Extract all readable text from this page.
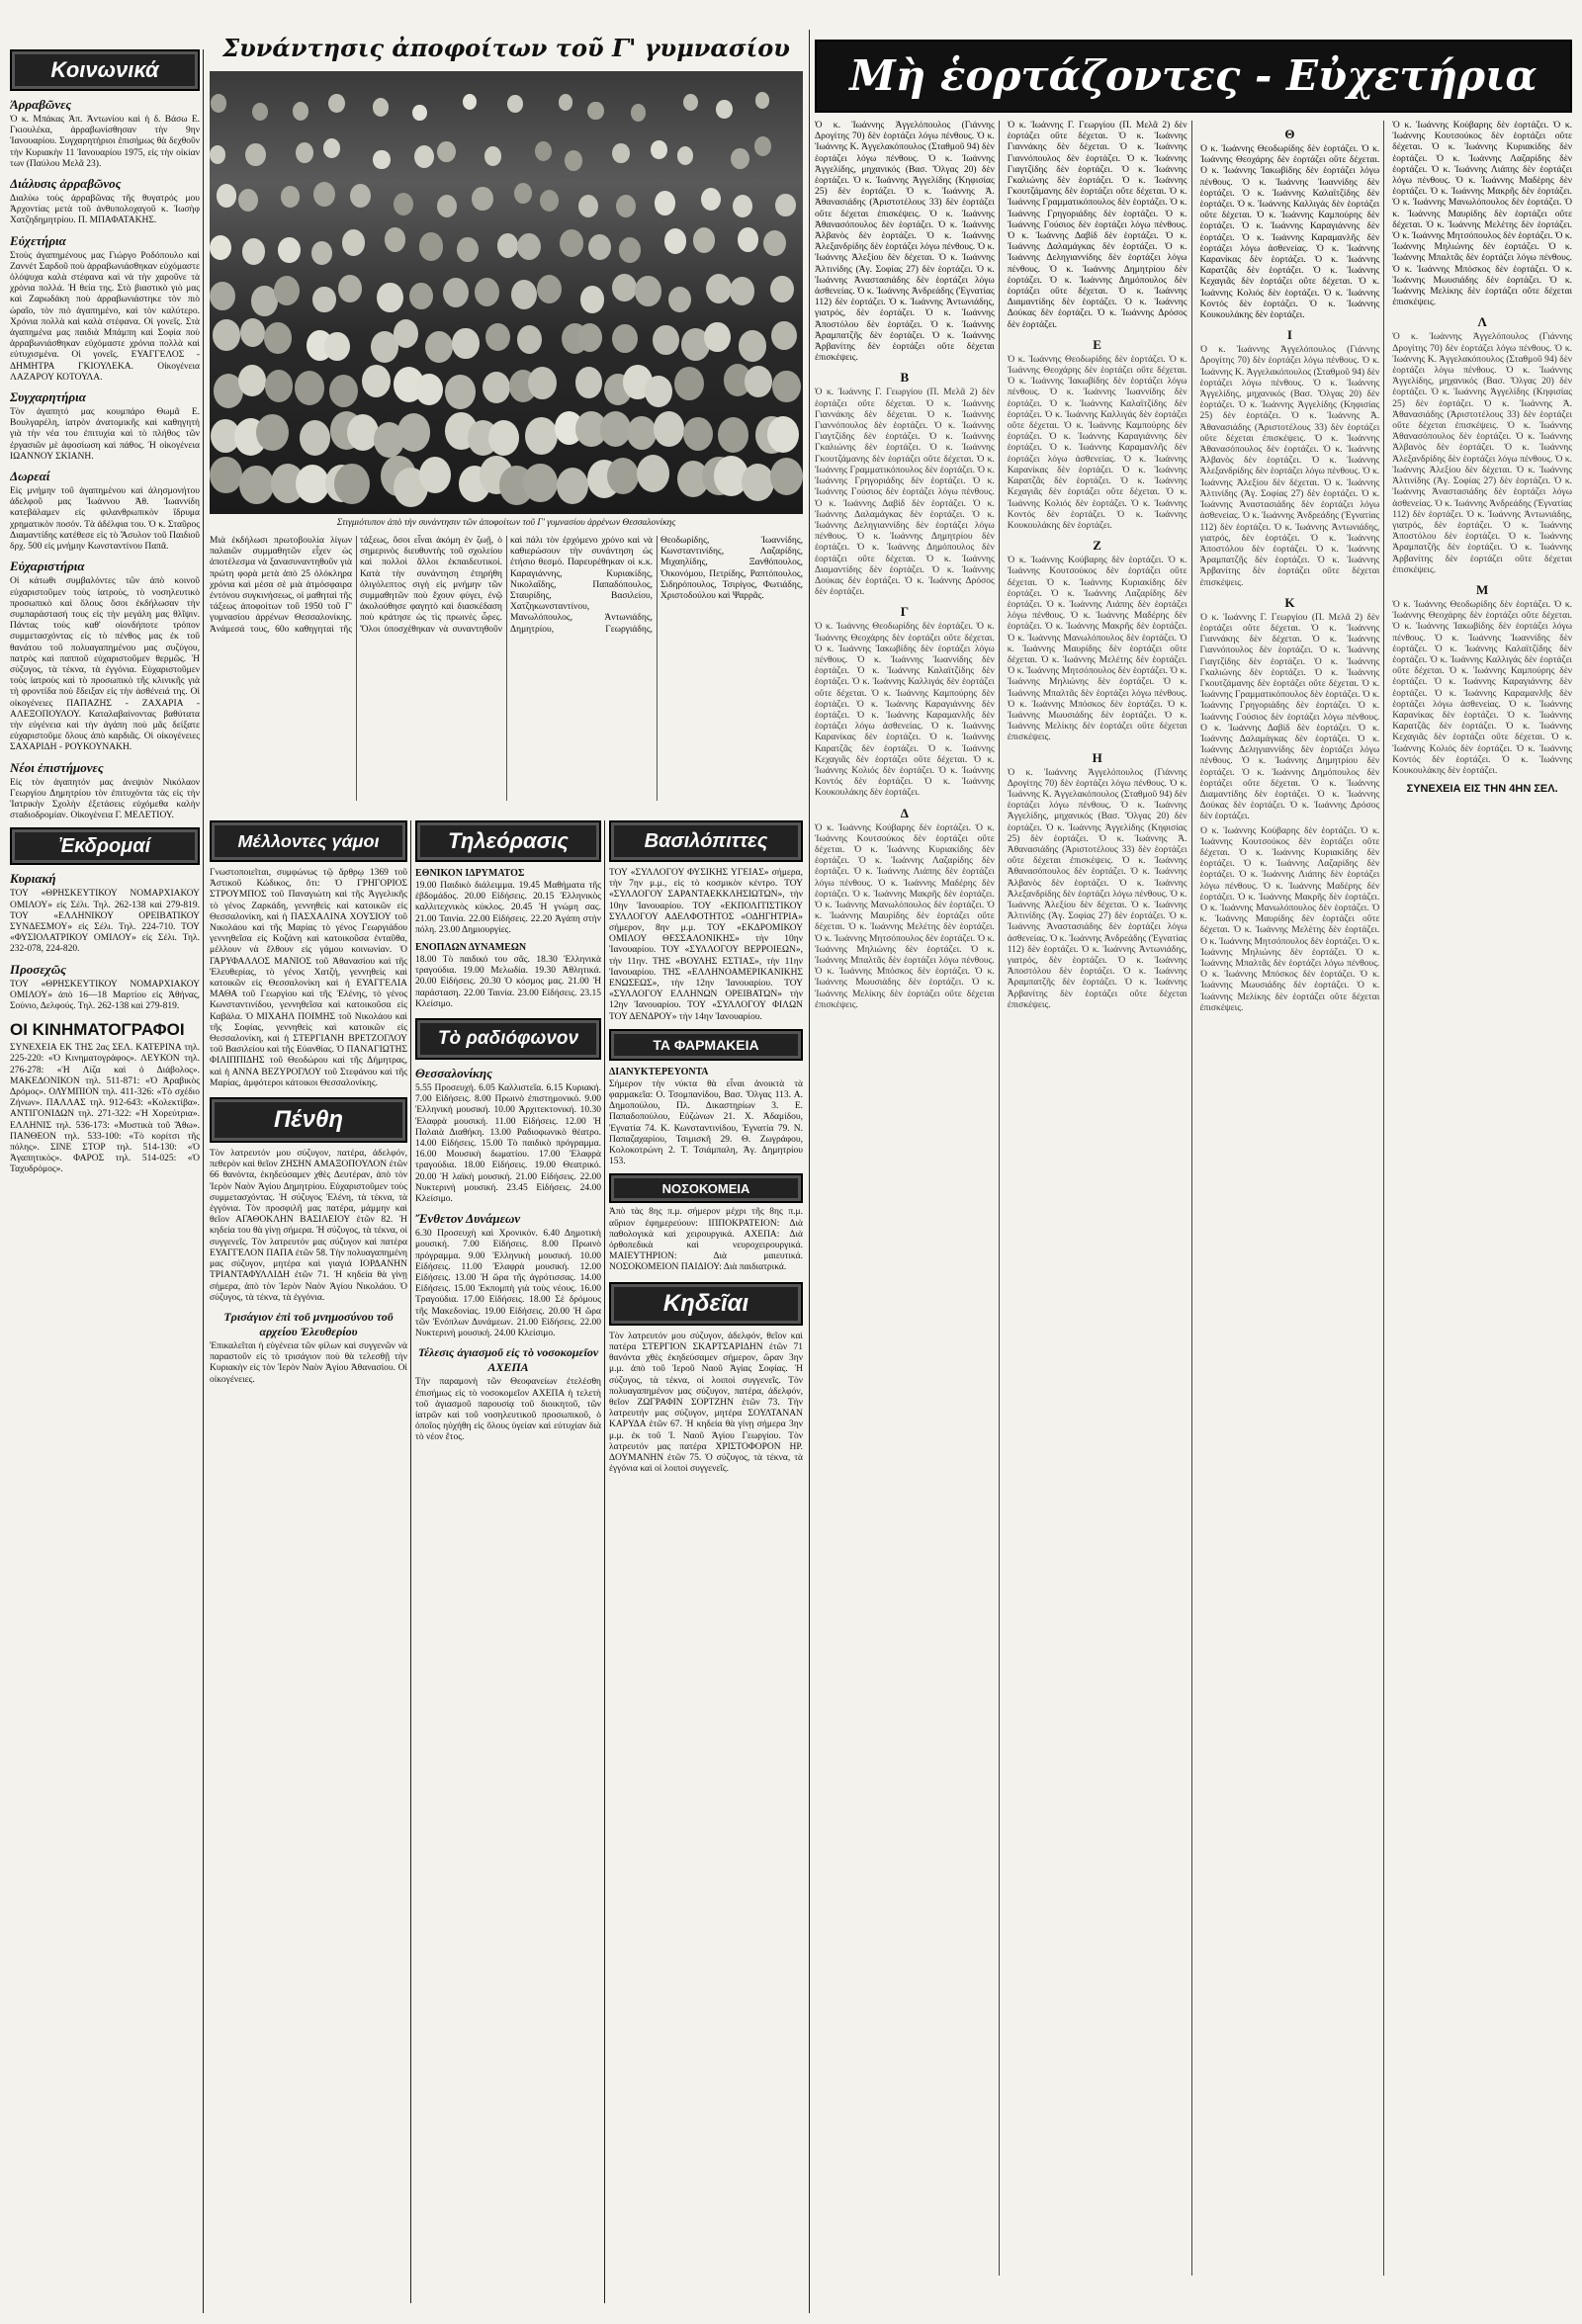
Κοινωνικά
Ἀρραβῶνες

Ὁ κ. Μπάκας Ἀπ. Ἀντωνίου καὶ ἡ δ. Βάσω Ε. Γκιουλέκα, ἀρραβωνίσθησαν τὴν 9ην Ἰανουαρίου. Συγχαρητήριοι ἐπισήμως θὰ δεχθοῦν τὴν Κυριακὴν 11 Ἰανουαρίου 1975, εἰς τὴν οἰκίαν των (Παύλου Μελᾶ 23).

Διάλυσις ἀρραβῶνος

Διαλύω τοὺς ἀρραβῶνας τῆς θυγατρός μου Ἀρχοντίας μετὰ τοῦ ἀνθυπολοχαγοῦ κ. Ἰωσὴφ Χατζηδημητρίου. Π. ΜΠΑΦΑΤΑΚΗΣ.

Εὐχετήρια

Στοὺς ἀγαπημένους μας Γιώργο Ροδόπουλο καὶ Ζαννέτ Σαρδοῦ ποὺ ἀρραβωνιάσθηκαν εὐχόμαστε ὁλόψυχα καλὰ στέφανα καὶ νὰ τὴν χαροῦνε τὰ χρόνια πολλά. Ἡ θεία της. Στὸ βιαστικὸ γιὸ μας καὶ Ζαρωδάκη ποὺ ἀρραβωνιάστηκε τὸν πιὸ ὡραῖο, τὸν πιὸ ἀγαπημένο, καὶ τὸν καλύτερο. Χρόνια πολλὰ καὶ καλὰ στέφανα. Οἱ γονεῖς. Στὰ ἀγαπημένα μας παιδιὰ Μπάμπη καὶ Σοφία ποὺ ἀρραβωνιάσθηκαν εὐχόμαστε χρόνια πολλὰ καὶ εὐτυχισμένα. Οἱ γονεῖς. ΕΥΑΓΓΕΛΟΣ - ΔΗΜΗΤΡΑ ΓΚΙΟΥΛΕΚΑ. Οἰκογένεια ΛΑΖΑΡΟΥ ΚΟΤΟΥΛΑ.

Συγχαρητήρια

Τὸν ἀγαπητό μας κουμπάρο Θωμᾶ Ε. Βουλγαρέλη, ἰατρὸν ἀνατομικῆς καὶ καθηγητὴ γιὰ τὴν νέα του ἐπιτυχία καὶ τὸ πλήθος τῶν ἐργασιῶν μὲ ἀφοσίωση καὶ πάθος. Ἡ οἰκογένεια ΙΩΑΝΝΟΥ ΣΚΙΑΝΗ.

Δωρεαί

Εἰς μνήμην τοῦ ἀγαπημένου καὶ ἀλησμονήτου ἀδελφοῦ μας Ἰωάννου Ἀθ. Ἰωαννίδη κατεβάλαμεν εἰς φιλανθρωπικὸν ἵδρυμα χρηματικὸν ποσόν. Τὰ ἀδέλφια του. Ὁ κ. Σταῦρος Διαμαντίδης κατέθεσε εἰς τὸ Ἄσυλον τοῦ Παιδιοῦ δρχ. 500 εἰς μνήμην Κωνσταντίνου Παπᾶ.

Εὐχαριστήρια

Οἱ κάτωθι συμβαλόντες τῶν ἀπὸ κοινοῦ εὐχαριστοῦμεν τοὺς ἰατροὺς, τὸ νοσηλευτικὸ προσωπικὸ καὶ ὅλους ὅσοι ἐκδήλωσαν τὴν συμπαράστασή τους εἰς τὴν μεγάλη μας θλῖψιν. Πάντας τοὺς καθ' οἱονδήποτε τρόπον συμμετασχόντας εἰς τὸ πένθος μας ἐκ τοῦ θανάτου τοῦ πολυαγαπημένου μας συζύγου, πατρὸς καὶ παπποῦ εὐχαριστοῦμεν θερμῶς. Ἡ σύζυγος, τὰ τέκνα, τὰ ἐγγόνια. Εὐχαριστοῦμεν τοὺς ἰατροὺς καὶ τὸ προσωπικὸ τῆς κλινικῆς γιὰ τὴ φροντίδα ποὺ ἔδειξαν εἰς τὴν ἀσθένειά της. Οἱ οἰκογένειες ΠΑΠΑΖΗΣ - ΖΑΧΑΡΙΑ - ΑΛΕΞΟΠΟΥΛΟΥ. Καταλαβαίνοντας βαθύτατα τὴν εὐγένεια καὶ τὴν ἀγάπη ποὺ μᾶς δείξατε εὐχαριστοῦμε ὅλους ἀπὸ καρδιᾶς. Οἱ οἰκογένειες ΣΑΧΑΡΙΔΗ - ΡΟΥΚΟΥΝΑΚΗ.

Νέοι ἐπιστήμονες

Εἰς τὸν ἀγαπητόν μας ἀνεψιὸν Νικόλαον Γεωργίου Δημητρίου τὸν ἐπιτυχόντα τὰς εἰς τὴν Ἰατρικὴν Σχολὴν ἐξετάσεις εὐχόμεθα καλὴν σταδιοδρομίαν. Οἰκογένεια Γ. ΜΕΛΕΤΙΟΥ.

Ἐκδρομαί
Κυριακή

ΤΟΥ «ΘΡΗΣΚΕΥΤΙΚΟΥ ΝΟΜΑΡΧΙΑΚΟΥ ΟΜΙΛΟΥ» εἰς Σέλι. Τηλ. 262-138 καὶ 279-819. ΤΟΥ «ΕΛΛΗΝΙΚΟΥ ΟΡΕΙΒΑΤΙΚΟΥ ΣΥΝΔΕΣΜΟΥ» εἰς Σέλι. Τηλ. 224-710. ΤΟΥ «ΦΥΣΙΟΛΑΤΡΙΚΟΥ ΟΜΙΛΟΥ» εἰς Σέλι. Τηλ. 232-078, 224-820.

Προσεχῶς

ΤΟΥ «ΘΡΗΣΚΕΥΤΙΚΟΥ ΝΟΜΑΡΧΙΑΚΟΥ ΟΜΙΛΟΥ» ἀπὸ 16—18 Μαρτίου εἰς Ἀθήνας, Σούνιο, Δελφούς. Τηλ. 262-138 καὶ 279-819.

ΟΙ ΚΙΝΗΜΑΤΟΓΡΑΦΟΙ

ΣΥΝΕΧΕΙΑ ΕΚ ΤΗΣ 2ας ΣΕΛ. ΚΑΤΕΡΙΝΑ τηλ. 225-220: «Ὁ Κινηματογράφος». ΛΕΥΚΟΝ τηλ. 276-278: «Ἡ Λίζα καὶ ὁ Διάβολος». ΜΑΚΕΔΟΝΙΚΟΝ τηλ. 511-871: «Ὁ Ἀραβικὸς Δρόμος». ΟΛΥΜΠΙΟΝ τηλ. 411-326: «Τὸ σχέδιο Ζήνων». ΠΑΛΛΑΣ τηλ. 912-643: «Κολεκτίβα». ΑΝΤΙΓΟΝΙΔΩΝ τηλ. 271-322: «Ἡ Χορεύτρια». ΕΛΛΗΝΙΣ τηλ. 536-173: «Μυστικὰ τοῦ Ἄθω». ΠΑΝΘΕΟΝ τηλ. 533-100: «Τὸ κορίτσι τῆς πόλης». ΣΙΝΕ ΣΤΟΡ τηλ. 514-130: «Ὁ Ἀγαπητικὸς». ΦΑΡΟΣ τηλ. 514-025: «Ὁ Ταχυδρόμος».

Συνάντησις ἀποφοίτων τοῦ Γ' γυμνασίου
Στιγμιότυπον ἀπὸ τὴν συνάντησιν τῶν ἀποφοίτων τοῦ Γ' γυμνασίου ἀρρένων Θεσσαλονίκης

Μιὰ ἐκδήλωσι πρωτοβουλία λίγων παλαιῶν συμμαθητῶν εἶχεν ὡς ἀποτέλεσμα νὰ ξανασυναντηθοῦν γιὰ πρώτη φορὰ μετὰ ἀπὸ 25 ὁλόκληρα χρόνια καὶ μέσα σὲ μιὰ ἀτμόσφαιρα ἐντόνου συγκινήσεως, οἱ μαθηταὶ τῆς τάξεως ἀποφοίτων τοῦ 1950 τοῦ Γ' γυμνασίου ἀρρένων Θεσσαλονίκης. Ἀνάμεσά τους, 60ο καθηγηταὶ τῆς τάξεως, ὅσοι εἶναι ἀκόμη ἐν ζωῇ, ὁ σημερινὸς διευθυντὴς τοῦ σχολείου καὶ πολλοὶ ἄλλοι ἐκπαιδευτικοί. Κατὰ τὴν συνάντηση ἐτηρήθη ὀλιγόλεπτος σιγὴ εἰς μνήμην τῶν συμμαθητῶν ποὺ ἔχουν φύγει, ἐνῷ ἀκολούθησε φαγητὸ καὶ διασκέδαση ποὺ κράτησε ὡς τὶς πρωινὲς ὧρες. Ὅλοι ὑποσχέθηκαν νὰ συναντηθοῦν καὶ πάλι τὸν ἐρχόμενο χρόνο καὶ νὰ καθιερώσουν τὴν συνάντηση ὡς ἐτήσιο θεσμό. Παρευρέθηκαν οἱ κ.κ. Καραγιάννης, Κυριακίδης, Νικολαΐδης, Παπαδόπουλος, Σταυρίδης, Βασιλείου, Χατζηκωνσταντίνου, Μανωλόπουλος, Ἀντωνιάδης, Δημητρίου, Γεωργιάδης, Θεοδωρίδης, Ἰωαννίδης, Κωνσταντινίδης, Λαζαρίδης, Μιχαηλίδης, Ξανθόπουλος, Ὀικονόμου, Πετρίδης, Ραπτόπουλος, Σιδηρόπουλος, Τσιρίγος, Φωτιάδης, Χριστοδούλου καὶ Ψαρρᾶς.

Μέλλοντες γάμοι

Γνωστοποιεῖται, συμφώνως τῷ ἄρθρῳ 1369 τοῦ Ἀστικοῦ Κώδικος, ὅτι: Ὁ ΓΡΗΓΟΡΙΟΣ ΣΤΡΟΥΜΠΟΣ τοῦ Παναγιώτη καὶ τῆς Ἀγγελικῆς τὸ γένος Ζαρκάδη, γεννηθεὶς καὶ κατοικῶν εἰς Θεσσαλονίκη, καὶ ἡ ΠΑΣΧΑΛΙΝΑ ΧΟΥΣΙΟΥ τοῦ Νικολάου καὶ τῆς Μαρίας τὸ γένος Γεωργιάδου γεννηθεῖσα εἰς Κοζάνη καὶ κατοικοῦσα ἐνταῦθα, μέλλουν νὰ ἔλθουν εἰς γάμου κοινωνίαν. Ὁ ΓΑΡΥΦΑΛΛΟΣ ΜΑΝΙΟΣ τοῦ Ἀθανασίου καὶ τῆς Ἐλευθερίας, τὸ γένος Χατζή, γεννηθεὶς καὶ κατοικῶν εἰς Θεσσαλονίκη καὶ ἡ ΕΥΑΓΓΕΛΙΑ ΜΑΘΑ τοῦ Γεωργίου καὶ τῆς Ἑλένης, τὸ γένος Κωνσταντινίδου, γεννηθεῖσα καὶ κατοικοῦσα εἰς Καβάλα. Ὁ ΜΙΧΑΗΛ ΠΟΙΜΗΣ τοῦ Νικολάου καὶ τῆς Σοφίας, γεννηθεὶς καὶ κατοικῶν εἰς Θεσσαλονίκη, καὶ ἡ ΣΤΕΡΓΙΑΝΗ ΒΡΕΤΖΟΓΛΟΥ τοῦ Βασιλείου καὶ τῆς Εὐανθίας. Ὁ ΠΑΝΑΓΙΩΤΗΣ ΦΙΛΙΠΠΙΔΗΣ τοῦ Θεοδώρου καὶ τῆς Δήμητρας, καὶ ἡ ΑΝΝΑ ΒΕΖΥΡΟΓΛΟΥ τοῦ Στεφάνου καὶ τῆς Μαρίας, ἀμφότεροι κάτοικοι Θεσσαλονίκης.

Πένθη

Τὸν λατρευτόν μου σύζυγον, πατέρα, ἀδελφόν, πεθερὸν καὶ θεῖον ΖΗΣΗΝ ΑΜΑΞΟΠΟΥΛΟΝ ἐτῶν 66 θανόντα, ἐκηδεύσαμεν χθὲς Δευτέραν, ἀπὸ τὸν Ἱερὸν Ναὸν Ἁγίου Δημητρίου. Εὐχαριστοῦμεν τοὺς συμμετασχόντας. Ἡ σύζυγος Ἑλένη, τὰ τέκνα, τὰ ἐγγόνια. Τὸν προσφιλῆ μας πατέρα, μάμμην καὶ θεῖον ΑΓΑΘΟΚΛΗΝ ΒΑΣΙΛΕΙΟΥ ἐτῶν 82. Ἡ κηδεία του θὰ γίνῃ σήμερα. Ἡ σύζυγος, τὰ τέκνα, οἱ συγγενεῖς. Τὸν λατρευτόν μας σύζυγον καὶ πατέρα ΕΥΑΓΓΕΛΟΝ ΠΑΠΑ ἐτῶν 58. Τὴν πολυαγαπημένη μας σύζυγον, μητέρα καὶ γιαγιά ΙΟΡΔΑΝΗΝ ΤΡΙΑΝΤΑΦΥΛΛΙΔΗ ἐτῶν 71. Ἡ κηδεία θὰ γίνῃ σήμερα, ἀπὸ τὸν Ἱερὸν Ναὸν Ἁγίου Νικολάου. Ὁ σύζυγος, τὰ τέκνα, τὰ ἐγγόνια.

Τρισάγιον ἐπὶ τοῦ μνημοσύνου τοῦ αρχείου Ἐλευθερίου

Ἐπικαλεῖται ἡ εὐγένεια τῶν φίλων καὶ συγγενῶν νὰ παραστοῦν εἰς τὸ τρισάγιον ποὺ θὰ τελεσθῇ τὴν Κυριακὴν εἰς τὸν Ἱερὸν Ναὸν Ἁγίου Ἀθανασίου. Οἱ οἰκογένειες.

Τηλεόρασις
ΕΘΝΙΚΟΝ ΙΔΡΥΜΑΤΟΣ

19.00 Παιδικὸ διάλειμμα. 19.45 Μαθήματα τῆς ἑβδομάδος. 20.00 Εἰδήσεις. 20.15 Ἑλληνικὸς καλλιτεχνικὸς κύκλος. 20.45 Ἡ γνώμη σας. 21.00 Ταινία. 22.00 Εἰδήσεις. 22.20 Ἀγάπη στὴν πόλη. 23.00 Δημιουργίες.

ΕΝΟΠΛΩΝ ΔΥΝΑΜΕΩΝ

18.00 Τὸ παιδικό του σᾶς. 18.30 Ἑλληνικὰ τραγούδια. 19.00 Μελωδία. 19.30 Ἀθλητικά. 20.00 Εἰδήσεις. 20.30 Ὁ κόσμος μας. 21.00 Ἡ παράσταση. 22.00 Ταινία. 23.00 Εἰδήσεις. 23.15 Κλείσιμο.

Τὸ ραδιόφωνον
Θεσσαλονίκης

5.55 Προσευχή. 6.05 Καλλιστεῖα. 6.15 Κυριακή. 7.00 Εἰδήσεις. 8.00 Πρωινὸ ἐπιστημονικό. 9.00 Ἑλληνικὴ μουσική. 10.00 Ἀρχιτεκτονική. 10.30 Ἐλαφρὰ μουσική. 11.00 Εἰδήσεις. 12.00 Ἡ Παλαιὰ Διαθήκη. 13.00 Ραδιοφωνικὸ θέατρο. 14.00 Εἰδήσεις. 15.00 Τὸ παιδικὸ πρόγραμμα. 16.00 Μουσικὴ δωματίου. 17.00 Ἐλαφρὰ τραγούδια. 18.00 Εἰδήσεις. 19.00 Θεατρικό. 20.00 Ἡ λαϊκὴ μουσική. 21.00 Εἰδήσεις. 22.00 Νυκτερινὴ μουσική. 23.45 Εἰδήσεις. 24.00 Κλείσιμο.

Ἔνθετον Δυνάμεων

6.30 Προσευχὴ καὶ Χρονικόν. 6.40 Δημοτικὴ μουσική. 7.00 Εἰδήσεις. 8.00 Πρωινὸ πρόγραμμα. 9.00 Ἑλληνικὴ μουσική. 10.00 Εἰδήσεις. 11.00 Ἐλαφρὰ μουσική. 12.00 Εἰδήσεις. 13.00 Ἡ ὥρα τῆς ἀγρότισσας. 14.00 Εἰδήσεις. 15.00 Ἐκπομπὴ γιὰ τοὺς νέους. 16.00 Τραγούδια. 17.00 Εἰδήσεις. 18.00 Σὲ δρόμους τῆς Μακεδονίας. 19.00 Εἰδήσεις. 20.00 Ἡ ὥρα τῶν Ἐνόπλων Δυνάμεων. 21.00 Εἰδήσεις. 22.00 Νυκτερινὴ μουσική. 24.00 Κλείσιμο.

Τέλεσις ἀγιασμοῦ εἰς τὸ νοσοκομεῖον ΑΧΕΠΑ

Τὴν παραμονὴ τῶν Θεοφανείων ἐτελέσθη ἐπισήμως εἰς τὸ νοσοκομεῖον ΑΧΕΠΑ ἡ τελετὴ τοῦ ἁγιασμοῦ παρουσίᾳ τοῦ διοικητοῦ, τῶν ἰατρῶν καὶ τοῦ νοσηλευτικοῦ προσωπικοῦ, ὁ ὁποῖος ηὐχήθη εἰς ὅλους ὑγείαν καὶ εὐτυχίαν διὰ τὸ νέον ἔτος.

Βασιλόπιττες

ΤΟΥ «ΣΥΛΛΟΓΟΥ ΦΥΣΙΚΗΣ ΥΓΕΙΑΣ» σήμερα, τὴν 7ην μ.μ., εἰς τὸ κοσμικὸν κέντρο. ΤΟΥ «ΣΥΛΛΟΓΟΥ ΣΑΡΑΝΤΑΕΚΚΛΗΣΙΩΤΩΝ», τὴν 10ην Ἰανουαρίου. ΤΟΥ «ΕΚΠΟΛΙΤΙΣΤΙΚΟΥ ΣΥΛΛΟΓΟΥ ΑΔΕΛΦΟΤΗΤΟΣ «ΟΔΗΓΗΤΡΙΑ» σήμερον, 8ην μ.μ. ΤΟΥ «ΕΚΔΡΟΜΙΚΟΥ ΟΜΙΛΟΥ ΘΕΣΣΑΛΟΝΙΚΗΣ» τὴν 10ην Ἰανουαρίου. ΤΟΥ «ΣΥΛΛΟΓΟΥ ΒΕΡΡΟΙΕΩΝ», τὴν 11ην. ΤΗΣ «ΒΟΥΛΗΣ ΕΣΤΙΑΣ», τὴν 11ην Ἰανουαρίου. ΤΗΣ «ΕΛΛΗΝΟΑΜΕΡΙΚΑΝΙΚΗΣ ΕΝΩΣΕΩΣ», τὴν 12ην Ἰανουαρίου. ΤΟΥ «ΣΥΛΛΟΓΟΥ ΕΛΛΗΝΩΝ ΟΡΕΙΒΑΤΩΝ» τὴν 12ην Ἰανουαρίου. ΤΟΥ «ΣΥΛΛΟΓΟΥ ΦΙΛΩΝ ΤΟΥ ΔΕΝΔΡΟΥ» τὴν 14ην Ἰανουαρίου.

ΤΑ ΦΑΡΜΑΚΕΙΑ
ΔΙΑΝΥΚΤΕΡΕΥΟΝΤΑ

Σήμερον τὴν νύκτα θὰ εἶναι ἀνοικτὰ τὰ φαρμακεῖα: Ο. Τσομπανίδου, Βασ. Ὄλγας 113. Α. Δημοπούλου, Πλ. Δικαστηρίων 3. Ε. Παπαδοπούλου, Εὐζώνων 21. Χ. Ἀδαμίδου, Ἐγνατία 74. Κ. Κωνσταντινίδου, Ἐγνατία 79. Ν. Παπαζαχαρίου, Τσιμισκῆ 29. Θ. Ζωγράφου, Κολοκοτρώνη 2. Τ. Τσιάμπαλη, Ἁγ. Δημητρίου 153.

ΝΟΣΟΚΟΜΕΙΑ

Ἀπὸ τὰς 8ης π.μ. σήμερον μέχρι τῆς 8ης π.μ. αὔριον ἐφημερεύουν: ΙΠΠΟΚΡΑΤΕΙΟΝ: Διὰ παθολογικὰ καὶ χειρουργικά. ΑΧΕΠΑ: Διὰ ὀρθοπεδικὰ καὶ νευροχειρουργικά. ΜΑΙΕΥΤΗΡΙΟΝ: Διὰ μαιευτικά. ΝΟΣΟΚΟΜΕΙΟΝ ΠΑΙΔΙΟΥ: Διὰ παιδιατρικά.

Κηδεῖαι

Τὸν λατρευτόν μου σύζυγον, ἀδελφόν, θεῖον καὶ πατέρα ΣΤΕΡΓΙΟΝ ΣΚΑΡΤΣΑΡΙΔΗΝ ἐτῶν 71 θανόντα χθὲς ἐκηδεύσαμεν σήμερον, ὥραν 3ην μ.μ. ἀπὸ τοῦ Ἱεροῦ Ναοῦ Ἁγίας Σοφίας. Ἡ σύζυγος, τὰ τέκνα, οἱ λοιποὶ συγγενεῖς. Τὸν πολυαγαπημένον μας σύζυγον, πατέρα, ἀδελφόν, θεῖον ΖΩΓΡΑΦΙΝ ΣΟΡΤΖΗΝ ἐτῶν 73. Τὴν λατρευτήν μας σύζυγον, μητέρα ΣΟΥΛΤΑΝΑΝ ΚΑΡΥΔΑ ἐτῶν 67. Ἡ κηδεία θὰ γίνῃ σήμερα 3ην μ.μ. ἐκ τοῦ Ἱ. Ναοῦ Ἁγίου Γεωργίου. Τὸν λατρευτόν μας πατέρα ΧΡΙΣΤΟΦΟΡΟΝ ΗΡ. ΔΟΥΜΑΝΗΝ ἐτῶν 75. Ὁ σύζυγος, τὰ τέκνα, τὰ ἐγγόνια καὶ οἱ λοιποὶ συγγενεῖς.

Μὴ ἑορτάζοντες - Εὐχετήρια

Ὁ κ. Ἰωάννης Ἀγγελόπουλος (Γιάννης Δρογίτης 70) δὲν ἑορτάζει λόγω πένθους. Ὁ κ. Ἰωάννης Κ. Ἀγγελακόπουλος (Σταθμοῦ 94) δὲν ἑορτάζει λόγω πένθους. Ὁ κ. Ἰωάννης Ἀγγελίδης, μηχανικός (Βασ. Ὄλγας 20) δὲν ἑορτάζει. Ὁ κ. Ἰωάννης Ἀγγελίδης (Κηφισίας 25) δὲν ἑορτάζει. Ὁ κ. Ἰωάννης Ἀ. Ἀθανασιάδης (Ἀριστοτέλους 33) δὲν ἑορτάζει οὔτε δέχεται ἐπισκέψεις. Ὁ κ. Ἰωάννης Ἀθανασόπουλος δὲν ἑορτάζει. Ὁ κ. Ἰωάννης Ἀλβανὸς δὲν ἑορτάζει. Ὁ κ. Ἰωάννης Ἀλεξανδρίδης δὲν ἑορτάζει λόγω πένθους. Ὁ κ. Ἰωάννης Ἀλεξίου δὲν δέχεται. Ὁ κ. Ἰωάννης Ἀλτινίδης (Ἁγ. Σοφίας 27) δὲν ἑορτάζει. Ὁ κ. Ἰωάννης Ἀναστασιάδης δὲν ἑορτάζει λόγω ἀσθενείας. Ὁ κ. Ἰωάννης Ἀνδρεάδης (Ἐγνατίας 112) δὲν ἑορτάζει. Ὁ κ. Ἰωάννης Ἀντωνιάδης, γιατρός, δὲν ἑορτάζει. Ὁ κ. Ἰωάννης Ἀποστόλου δὲν ἑορτάζει. Ὁ κ. Ἰωάννης Ἀραμπατζῆς δὲν ἑορτάζει. Ὁ κ. Ἰωάννης Ἀρβανίτης δὲν ἑορτάζει οὔτε δέχεται ἐπισκέψεις.

Β

Ὁ κ. Ἰωάννης Γ. Γεωργίου (Π. Μελᾶ 2) δὲν ἑορτάζει οὔτε δέχεται. Ὁ κ. Ἰωάννης Γιαννάκης δὲν δέχεται. Ὁ κ. Ἰωάννης Γιαννόπουλος δὲν ἑορτάζει. Ὁ κ. Ἰωάννης Γιαγτζίδης δὲν ἑορτάζει. Ὁ κ. Ἰωάννης Γκαλιώνης δὲν ἑορτάζει. Ὁ κ. Ἰωάννης Γκουτζάμανης δὲν ἑορτάζει οὔτε δέχεται. Ὁ κ. Ἰωάννης Γραμματικόπουλος δὲν ἑορτάζει. Ὁ κ. Ἰωάννης Γρηγοριάδης δὲν ἑορτάζει. Ὁ κ. Ἰωάννης Γούσιος δὲν ἑορτάζει λόγω πένθους. Ὁ κ. Ἰωάννης Δαβίδ δὲν ἑορτάζει. Ὁ κ. Ἰωάννης Δαλαμάγκας δὲν ἑορτάζει. Ὁ κ. Ἰωάννης Δεληγιαννίδης δὲν ἑορτάζει λόγω πένθους. Ὁ κ. Ἰωάννης Δημητρίου δὲν ἑορτάζει. Ὁ κ. Ἰωάννης Δημόπουλος δὲν ἑορτάζει οὔτε δέχεται. Ὁ κ. Ἰωάννης Διαμαντίδης δὲν ἑορτάζει. Ὁ κ. Ἰωάννης Δούκας δὲν ἑορτάζει. Ὁ κ. Ἰωάννης Δρόσος δὲν ἑορτάζει.

Γ

Ὁ κ. Ἰωάννης Θεοδωρίδης δὲν ἑορτάζει. Ὁ κ. Ἰωάννης Θεοχάρης δὲν ἑορτάζει οὔτε δέχεται. Ὁ κ. Ἰωάννης Ἰακωβίδης δὲν ἑορτάζει λόγω πένθους. Ὁ κ. Ἰωάννης Ἰωαννίδης δὲν ἑορτάζει. Ὁ κ. Ἰωάννης Καλαϊτζίδης δὲν ἑορτάζει. Ὁ κ. Ἰωάννης Καλλιγάς δὲν ἑορτάζει οὔτε δέχεται. Ὁ κ. Ἰωάννης Καμπούρης δὲν ἑορτάζει. Ὁ κ. Ἰωάννης Καραγιάννης δὲν ἑορτάζει. Ὁ κ. Ἰωάννης Καραμανλῆς δὲν ἑορτάζει λόγω ἀσθενείας. Ὁ κ. Ἰωάννης Καρανίκας δὲν ἑορτάζει. Ὁ κ. Ἰωάννης Καρατζᾶς δὲν ἑορτάζει. Ὁ κ. Ἰωάννης Κεχαγιᾶς δὲν ἑορτάζει οὔτε δέχεται. Ὁ κ. Ἰωάννης Κολιός δὲν ἑορτάζει. Ὁ κ. Ἰωάννης Κοντός δὲν ἑορτάζει. Ὁ κ. Ἰωάννης Κουκουλάκης δὲν ἑορτάζει.

Δ

Ὁ κ. Ἰωάννης Κούβαρης δὲν ἑορτάζει. Ὁ κ. Ἰωάννης Κουτσούκος δὲν ἑορτάζει οὔτε δέχεται. Ὁ κ. Ἰωάννης Κυριακίδης δὲν ἑορτάζει. Ὁ κ. Ἰωάννης Λαζαρίδης δὲν ἑορτάζει. Ὁ κ. Ἰωάννης Λιάπης δὲν ἑορτάζει λόγω πένθους. Ὁ κ. Ἰωάννης Μαδέρης δὲν ἑορτάζει. Ὁ κ. Ἰωάννης Μακρῆς δὲν ἑορτάζει. Ὁ κ. Ἰωάννης Μανωλόπουλος δὲν ἑορτάζει. Ὁ κ. Ἰωάννης Μαυρίδης δὲν ἑορτάζει οὔτε δέχεται. Ὁ κ. Ἰωάννης Μελέτης δὲν ἑορτάζει. Ὁ κ. Ἰωάννης Μητσόπουλος δὲν ἑορτάζει. Ὁ κ. Ἰωάννης Μηλιώνης δὲν ἑορτάζει. Ὁ κ. Ἰωάννης Μπαλτᾶς δὲν ἑορτάζει λόγω πένθους. Ὁ κ. Ἰωάννης Μπόσκος δὲν ἑορτάζει. Ὁ κ. Ἰωάννης Μωυσιάδης δὲν ἑορτάζει. Ὁ κ. Ἰωάννης Μελίκης δὲν ἑορτάζει οὔτε δέχεται ἐπισκέψεις.

Ὁ κ. Ἰωάννης Γ. Γεωργίου (Π. Μελᾶ 2) δὲν ἑορτάζει οὔτε δέχεται. Ὁ κ. Ἰωάννης Γιαννάκης δὲν δέχεται. Ὁ κ. Ἰωάννης Γιαννόπουλος δὲν ἑορτάζει. Ὁ κ. Ἰωάννης Γιαγτζίδης δὲν ἑορτάζει. Ὁ κ. Ἰωάννης Γκαλιώνης δὲν ἑορτάζει. Ὁ κ. Ἰωάννης Γκουτζάμανης δὲν ἑορτάζει οὔτε δέχεται. Ὁ κ. Ἰωάννης Γραμματικόπουλος δὲν ἑορτάζει. Ὁ κ. Ἰωάννης Γρηγοριάδης δὲν ἑορτάζει. Ὁ κ. Ἰωάννης Γούσιος δὲν ἑορτάζει λόγω πένθους. Ὁ κ. Ἰωάννης Δαβίδ δὲν ἑορτάζει. Ὁ κ. Ἰωάννης Δαλαμάγκας δὲν ἑορτάζει. Ὁ κ. Ἰωάννης Δεληγιαννίδης δὲν ἑορτάζει λόγω πένθους. Ὁ κ. Ἰωάννης Δημητρίου δὲν ἑορτάζει. Ὁ κ. Ἰωάννης Δημόπουλος δὲν ἑορτάζει οὔτε δέχεται. Ὁ κ. Ἰωάννης Διαμαντίδης δὲν ἑορτάζει. Ὁ κ. Ἰωάννης Δούκας δὲν ἑορτάζει. Ὁ κ. Ἰωάννης Δρόσος δὲν ἑορτάζει.

Ε

Ὁ κ. Ἰωάννης Θεοδωρίδης δὲν ἑορτάζει. Ὁ κ. Ἰωάννης Θεοχάρης δὲν ἑορτάζει οὔτε δέχεται. Ὁ κ. Ἰωάννης Ἰακωβίδης δὲν ἑορτάζει λόγω πένθους. Ὁ κ. Ἰωάννης Ἰωαννίδης δὲν ἑορτάζει. Ὁ κ. Ἰωάννης Καλαϊτζίδης δὲν ἑορτάζει. Ὁ κ. Ἰωάννης Καλλιγάς δὲν ἑορτάζει οὔτε δέχεται. Ὁ κ. Ἰωάννης Καμπούρης δὲν ἑορτάζει. Ὁ κ. Ἰωάννης Καραγιάννης δὲν ἑορτάζει. Ὁ κ. Ἰωάννης Καραμανλῆς δὲν ἑορτάζει λόγω ἀσθενείας. Ὁ κ. Ἰωάννης Καρανίκας δὲν ἑορτάζει. Ὁ κ. Ἰωάννης Καρατζᾶς δὲν ἑορτάζει. Ὁ κ. Ἰωάννης Κεχαγιᾶς δὲν ἑορτάζει οὔτε δέχεται. Ὁ κ. Ἰωάννης Κολιός δὲν ἑορτάζει. Ὁ κ. Ἰωάννης Κοντός δὲν ἑορτάζει. Ὁ κ. Ἰωάννης Κουκουλάκης δὲν ἑορτάζει.

Ζ

Ὁ κ. Ἰωάννης Κούβαρης δὲν ἑορτάζει. Ὁ κ. Ἰωάννης Κουτσούκος δὲν ἑορτάζει οὔτε δέχεται. Ὁ κ. Ἰωάννης Κυριακίδης δὲν ἑορτάζει. Ὁ κ. Ἰωάννης Λαζαρίδης δὲν ἑορτάζει. Ὁ κ. Ἰωάννης Λιάπης δὲν ἑορτάζει λόγω πένθους. Ὁ κ. Ἰωάννης Μαδέρης δὲν ἑορτάζει. Ὁ κ. Ἰωάννης Μακρῆς δὲν ἑορτάζει. Ὁ κ. Ἰωάννης Μανωλόπουλος δὲν ἑορτάζει. Ὁ κ. Ἰωάννης Μαυρίδης δὲν ἑορτάζει οὔτε δέχεται. Ὁ κ. Ἰωάννης Μελέτης δὲν ἑορτάζει. Ὁ κ. Ἰωάννης Μητσόπουλος δὲν ἑορτάζει. Ὁ κ. Ἰωάννης Μηλιώνης δὲν ἑορτάζει. Ὁ κ. Ἰωάννης Μπαλτᾶς δὲν ἑορτάζει λόγω πένθους. Ὁ κ. Ἰωάννης Μπόσκος δὲν ἑορτάζει. Ὁ κ. Ἰωάννης Μωυσιάδης δὲν ἑορτάζει. Ὁ κ. Ἰωάννης Μελίκης δὲν ἑορτάζει οὔτε δέχεται ἐπισκέψεις.

Η

Ὁ κ. Ἰωάννης Ἀγγελόπουλος (Γιάννης Δρογίτης 70) δὲν ἑορτάζει λόγω πένθους. Ὁ κ. Ἰωάννης Κ. Ἀγγελακόπουλος (Σταθμοῦ 94) δὲν ἑορτάζει λόγω πένθους. Ὁ κ. Ἰωάννης Ἀγγελίδης, μηχανικός (Βασ. Ὄλγας 20) δὲν ἑορτάζει. Ὁ κ. Ἰωάννης Ἀγγελίδης (Κηφισίας 25) δὲν ἑορτάζει. Ὁ κ. Ἰωάννης Ἀ. Ἀθανασιάδης (Ἀριστοτέλους 33) δὲν ἑορτάζει οὔτε δέχεται ἐπισκέψεις. Ὁ κ. Ἰωάννης Ἀθανασόπουλος δὲν ἑορτάζει. Ὁ κ. Ἰωάννης Ἀλβανὸς δὲν ἑορτάζει. Ὁ κ. Ἰωάννης Ἀλεξανδρίδης δὲν ἑορτάζει λόγω πένθους. Ὁ κ. Ἰωάννης Ἀλεξίου δὲν δέχεται. Ὁ κ. Ἰωάννης Ἀλτινίδης (Ἁγ. Σοφίας 27) δὲν ἑορτάζει. Ὁ κ. Ἰωάννης Ἀναστασιάδης δὲν ἑορτάζει λόγω ἀσθενείας. Ὁ κ. Ἰωάννης Ἀνδρεάδης (Ἐγνατίας 112) δὲν ἑορτάζει. Ὁ κ. Ἰωάννης Ἀντωνιάδης, γιατρός, δὲν ἑορτάζει. Ὁ κ. Ἰωάννης Ἀποστόλου δὲν ἑορτάζει. Ὁ κ. Ἰωάννης Ἀραμπατζῆς δὲν ἑορτάζει. Ὁ κ. Ἰωάννης Ἀρβανίτης δὲν ἑορτάζει οὔτε δέχεται ἐπισκέψεις.

Θ

Ὁ κ. Ἰωάννης Θεοδωρίδης δὲν ἑορτάζει. Ὁ κ. Ἰωάννης Θεοχάρης δὲν ἑορτάζει οὔτε δέχεται. Ὁ κ. Ἰωάννης Ἰακωβίδης δὲν ἑορτάζει λόγω πένθους. Ὁ κ. Ἰωάννης Ἰωαννίδης δὲν ἑορτάζει. Ὁ κ. Ἰωάννης Καλαϊτζίδης δὲν ἑορτάζει. Ὁ κ. Ἰωάννης Καλλιγάς δὲν ἑορτάζει οὔτε δέχεται. Ὁ κ. Ἰωάννης Καμπούρης δὲν ἑορτάζει. Ὁ κ. Ἰωάννης Καραγιάννης δὲν ἑορτάζει. Ὁ κ. Ἰωάννης Καραμανλῆς δὲν ἑορτάζει λόγω ἀσθενείας. Ὁ κ. Ἰωάννης Καρανίκας δὲν ἑορτάζει. Ὁ κ. Ἰωάννης Καρατζᾶς δὲν ἑορτάζει. Ὁ κ. Ἰωάννης Κεχαγιᾶς δὲν ἑορτάζει οὔτε δέχεται. Ὁ κ. Ἰωάννης Κολιός δὲν ἑορτάζει. Ὁ κ. Ἰωάννης Κοντός δὲν ἑορτάζει. Ὁ κ. Ἰωάννης Κουκουλάκης δὲν ἑορτάζει.

Ι

Ὁ κ. Ἰωάννης Ἀγγελόπουλος (Γιάννης Δρογίτης 70) δὲν ἑορτάζει λόγω πένθους. Ὁ κ. Ἰωάννης Κ. Ἀγγελακόπουλος (Σταθμοῦ 94) δὲν ἑορτάζει λόγω πένθους. Ὁ κ. Ἰωάννης Ἀγγελίδης, μηχανικός (Βασ. Ὄλγας 20) δὲν ἑορτάζει. Ὁ κ. Ἰωάννης Ἀγγελίδης (Κηφισίας 25) δὲν ἑορτάζει. Ὁ κ. Ἰωάννης Ἀ. Ἀθανασιάδης (Ἀριστοτέλους 33) δὲν ἑορτάζει οὔτε δέχεται ἐπισκέψεις. Ὁ κ. Ἰωάννης Ἀθανασόπουλος δὲν ἑορτάζει. Ὁ κ. Ἰωάννης Ἀλβανὸς δὲν ἑορτάζει. Ὁ κ. Ἰωάννης Ἀλεξανδρίδης δὲν ἑορτάζει λόγω πένθους. Ὁ κ. Ἰωάννης Ἀλεξίου δὲν δέχεται. Ὁ κ. Ἰωάννης Ἀλτινίδης (Ἁγ. Σοφίας 27) δὲν ἑορτάζει. Ὁ κ. Ἰωάννης Ἀναστασιάδης δὲν ἑορτάζει λόγω ἀσθενείας. Ὁ κ. Ἰωάννης Ἀνδρεάδης (Ἐγνατίας 112) δὲν ἑορτάζει. Ὁ κ. Ἰωάννης Ἀντωνιάδης, γιατρός, δὲν ἑορτάζει. Ὁ κ. Ἰωάννης Ἀποστόλου δὲν ἑορτάζει. Ὁ κ. Ἰωάννης Ἀραμπατζῆς δὲν ἑορτάζει. Ὁ κ. Ἰωάννης Ἀρβανίτης δὲν ἑορτάζει οὔτε δέχεται ἐπισκέψεις.

Κ

Ὁ κ. Ἰωάννης Γ. Γεωργίου (Π. Μελᾶ 2) δὲν ἑορτάζει οὔτε δέχεται. Ὁ κ. Ἰωάννης Γιαννάκης δὲν δέχεται. Ὁ κ. Ἰωάννης Γιαννόπουλος δὲν ἑορτάζει. Ὁ κ. Ἰωάννης Γιαγτζίδης δὲν ἑορτάζει. Ὁ κ. Ἰωάννης Γκαλιώνης δὲν ἑορτάζει. Ὁ κ. Ἰωάννης Γκουτζάμανης δὲν ἑορτάζει οὔτε δέχεται. Ὁ κ. Ἰωάννης Γραμματικόπουλος δὲν ἑορτάζει. Ὁ κ. Ἰωάννης Γρηγοριάδης δὲν ἑορτάζει. Ὁ κ. Ἰωάννης Γούσιος δὲν ἑορτάζει λόγω πένθους. Ὁ κ. Ἰωάννης Δαβίδ δὲν ἑορτάζει. Ὁ κ. Ἰωάννης Δαλαμάγκας δὲν ἑορτάζει. Ὁ κ. Ἰωάννης Δεληγιαννίδης δὲν ἑορτάζει λόγω πένθους. Ὁ κ. Ἰωάννης Δημητρίου δὲν ἑορτάζει. Ὁ κ. Ἰωάννης Δημόπουλος δὲν ἑορτάζει οὔτε δέχεται. Ὁ κ. Ἰωάννης Διαμαντίδης δὲν ἑορτάζει. Ὁ κ. Ἰωάννης Δούκας δὲν ἑορτάζει. Ὁ κ. Ἰωάννης Δρόσος δὲν ἑορτάζει.

Ὁ κ. Ἰωάννης Κούβαρης δὲν ἑορτάζει. Ὁ κ. Ἰωάννης Κουτσούκος δὲν ἑορτάζει οὔτε δέχεται. Ὁ κ. Ἰωάννης Κυριακίδης δὲν ἑορτάζει. Ὁ κ. Ἰωάννης Λαζαρίδης δὲν ἑορτάζει. Ὁ κ. Ἰωάννης Λιάπης δὲν ἑορτάζει λόγω πένθους. Ὁ κ. Ἰωάννης Μαδέρης δὲν ἑορτάζει. Ὁ κ. Ἰωάννης Μακρῆς δὲν ἑορτάζει. Ὁ κ. Ἰωάννης Μανωλόπουλος δὲν ἑορτάζει. Ὁ κ. Ἰωάννης Μαυρίδης δὲν ἑορτάζει οὔτε δέχεται. Ὁ κ. Ἰωάννης Μελέτης δὲν ἑορτάζει. Ὁ κ. Ἰωάννης Μητσόπουλος δὲν ἑορτάζει. Ὁ κ. Ἰωάννης Μηλιώνης δὲν ἑορτάζει. Ὁ κ. Ἰωάννης Μπαλτᾶς δὲν ἑορτάζει λόγω πένθους. Ὁ κ. Ἰωάννης Μπόσκος δὲν ἑορτάζει. Ὁ κ. Ἰωάννης Μωυσιάδης δὲν ἑορτάζει. Ὁ κ. Ἰωάννης Μελίκης δὲν ἑορτάζει οὔτε δέχεται ἐπισκέψεις.

Ὁ κ. Ἰωάννης Κούβαρης δὲν ἑορτάζει. Ὁ κ. Ἰωάννης Κουτσούκος δὲν ἑορτάζει οὔτε δέχεται. Ὁ κ. Ἰωάννης Κυριακίδης δὲν ἑορτάζει. Ὁ κ. Ἰωάννης Λαζαρίδης δὲν ἑορτάζει. Ὁ κ. Ἰωάννης Λιάπης δὲν ἑορτάζει λόγω πένθους. Ὁ κ. Ἰωάννης Μαδέρης δὲν ἑορτάζει. Ὁ κ. Ἰωάννης Μακρῆς δὲν ἑορτάζει. Ὁ κ. Ἰωάννης Μανωλόπουλος δὲν ἑορτάζει. Ὁ κ. Ἰωάννης Μαυρίδης δὲν ἑορτάζει οὔτε δέχεται. Ὁ κ. Ἰωάννης Μελέτης δὲν ἑορτάζει. Ὁ κ. Ἰωάννης Μητσόπουλος δὲν ἑορτάζει. Ὁ κ. Ἰωάννης Μηλιώνης δὲν ἑορτάζει. Ὁ κ. Ἰωάννης Μπαλτᾶς δὲν ἑορτάζει λόγω πένθους. Ὁ κ. Ἰωάννης Μπόσκος δὲν ἑορτάζει. Ὁ κ. Ἰωάννης Μωυσιάδης δὲν ἑορτάζει. Ὁ κ. Ἰωάννης Μελίκης δὲν ἑορτάζει οὔτε δέχεται ἐπισκέψεις.

Λ

Ὁ κ. Ἰωάννης Ἀγγελόπουλος (Γιάννης Δρογίτης 70) δὲν ἑορτάζει λόγω πένθους. Ὁ κ. Ἰωάννης Κ. Ἀγγελακόπουλος (Σταθμοῦ 94) δὲν ἑορτάζει λόγω πένθους. Ὁ κ. Ἰωάννης Ἀγγελίδης, μηχανικός (Βασ. Ὄλγας 20) δὲν ἑορτάζει. Ὁ κ. Ἰωάννης Ἀγγελίδης (Κηφισίας 25) δὲν ἑορτάζει. Ὁ κ. Ἰωάννης Ἀ. Ἀθανασιάδης (Ἀριστοτέλους 33) δὲν ἑορτάζει οὔτε δέχεται ἐπισκέψεις. Ὁ κ. Ἰωάννης Ἀθανασόπουλος δὲν ἑορτάζει. Ὁ κ. Ἰωάννης Ἀλβανὸς δὲν ἑορτάζει. Ὁ κ. Ἰωάννης Ἀλεξανδρίδης δὲν ἑορτάζει λόγω πένθους. Ὁ κ. Ἰωάννης Ἀλεξίου δὲν δέχεται. Ὁ κ. Ἰωάννης Ἀλτινίδης (Ἁγ. Σοφίας 27) δὲν ἑορτάζει. Ὁ κ. Ἰωάννης Ἀναστασιάδης δὲν ἑορτάζει λόγω ἀσθενείας. Ὁ κ. Ἰωάννης Ἀνδρεάδης (Ἐγνατίας 112) δὲν ἑορτάζει. Ὁ κ. Ἰωάννης Ἀντωνιάδης, γιατρός, δὲν ἑορτάζει. Ὁ κ. Ἰωάννης Ἀποστόλου δὲν ἑορτάζει. Ὁ κ. Ἰωάννης Ἀραμπατζῆς δὲν ἑορτάζει. Ὁ κ. Ἰωάννης Ἀρβανίτης δὲν ἑορτάζει οὔτε δέχεται ἐπισκέψεις.

Μ

Ὁ κ. Ἰωάννης Θεοδωρίδης δὲν ἑορτάζει. Ὁ κ. Ἰωάννης Θεοχάρης δὲν ἑορτάζει οὔτε δέχεται. Ὁ κ. Ἰωάννης Ἰακωβίδης δὲν ἑορτάζει λόγω πένθους. Ὁ κ. Ἰωάννης Ἰωαννίδης δὲν ἑορτάζει. Ὁ κ. Ἰωάννης Καλαϊτζίδης δὲν ἑορτάζει. Ὁ κ. Ἰωάννης Καλλιγάς δὲν ἑορτάζει οὔτε δέχεται. Ὁ κ. Ἰωάννης Καμπούρης δὲν ἑορτάζει. Ὁ κ. Ἰωάννης Καραγιάννης δὲν ἑορτάζει. Ὁ κ. Ἰωάννης Καραμανλῆς δὲν ἑορτάζει λόγω ἀσθενείας. Ὁ κ. Ἰωάννης Καρανίκας δὲν ἑορτάζει. Ὁ κ. Ἰωάννης Καρατζᾶς δὲν ἑορτάζει. Ὁ κ. Ἰωάννης Κεχαγιᾶς δὲν ἑορτάζει οὔτε δέχεται. Ὁ κ. Ἰωάννης Κολιός δὲν ἑορτάζει. Ὁ κ. Ἰωάννης Κοντός δὲν ἑορτάζει. Ὁ κ. Ἰωάννης Κουκουλάκης δὲν ἑορτάζει.

ΣΥΝΕΧΕΙΑ ΕΙΣ ΤΗΝ 4ΗΝ ΣΕΛ.
